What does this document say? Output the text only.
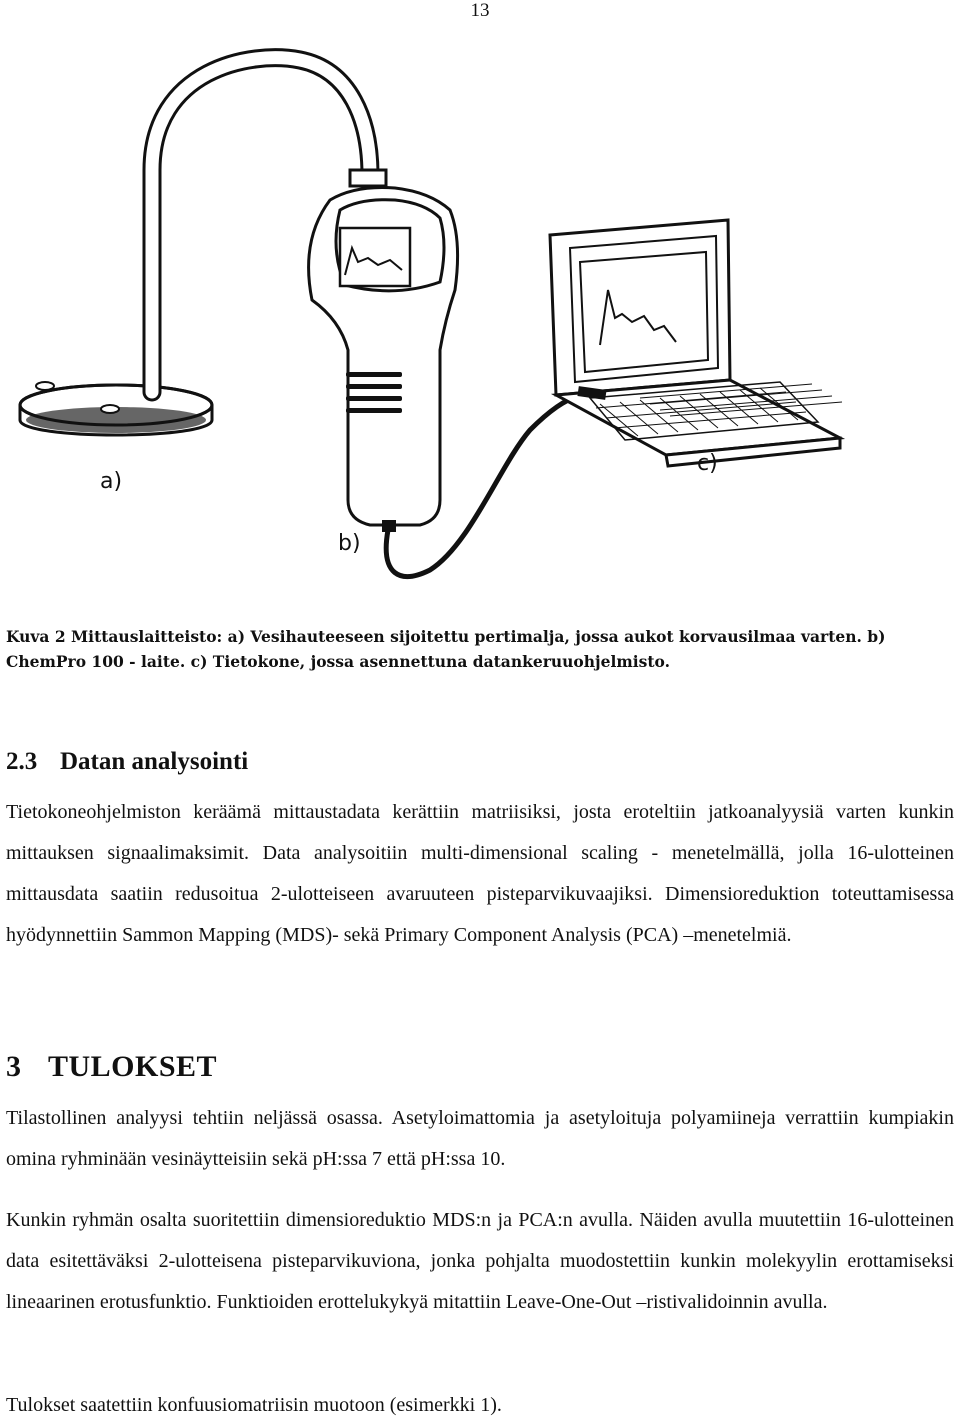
13
a)
b)
c)
Kuva 2 Mittauslaitteisto: a) Vesihauteeseen sijoitettu pertimalja, jossa aukot korvausilmaa varten. b) ChemPro 100 - laite. c) Tietokone, jossa asennettuna datankeruuohjelmisto.
2.3 Datan analysointi
Tietokoneohjelmiston keräämä mittaustadata kerättiin matriisiksi, josta eroteltiin jatkoanalyysiä varten kunkin mittauksen signaalimaksimit. Data analysoitiin multi-dimensional scaling - menetelmällä, jolla 16-ulotteinen mittausdata saatiin redusoitua 2-ulotteiseen avaruuteen pisteparvikuvaajiksi. Dimensioreduktion toteuttamisessa hyödynnettiin Sammon Mapping (MDS)- sekä Primary Component Analysis (PCA) –menetelmiä.
3 TULOKSET
Tilastollinen analyysi tehtiin neljässä osassa. Asetyloimattomia ja asetyloituja polyamiineja verrattiin kumpiakin omina ryhminään vesinäytteisiin sekä pH:ssa 7 että pH:ssa 10.
Kunkin ryhmän osalta suoritettiin dimensioreduktio MDS:n ja PCA:n avulla. Näiden avulla muutettiin 16-ulotteinen data esitettäväksi 2-ulotteisena pisteparvikuviona, jonka pohjalta muodostettiin kunkin molekyylin erottamiseksi lineaarinen erotusfunktio. Funktioiden erottelukykyä mitattiin Leave-One-Out –ristivalidoinnin avulla.
Tulokset saatettiin konfuusiomatriisin muotoon (esimerkki 1).
